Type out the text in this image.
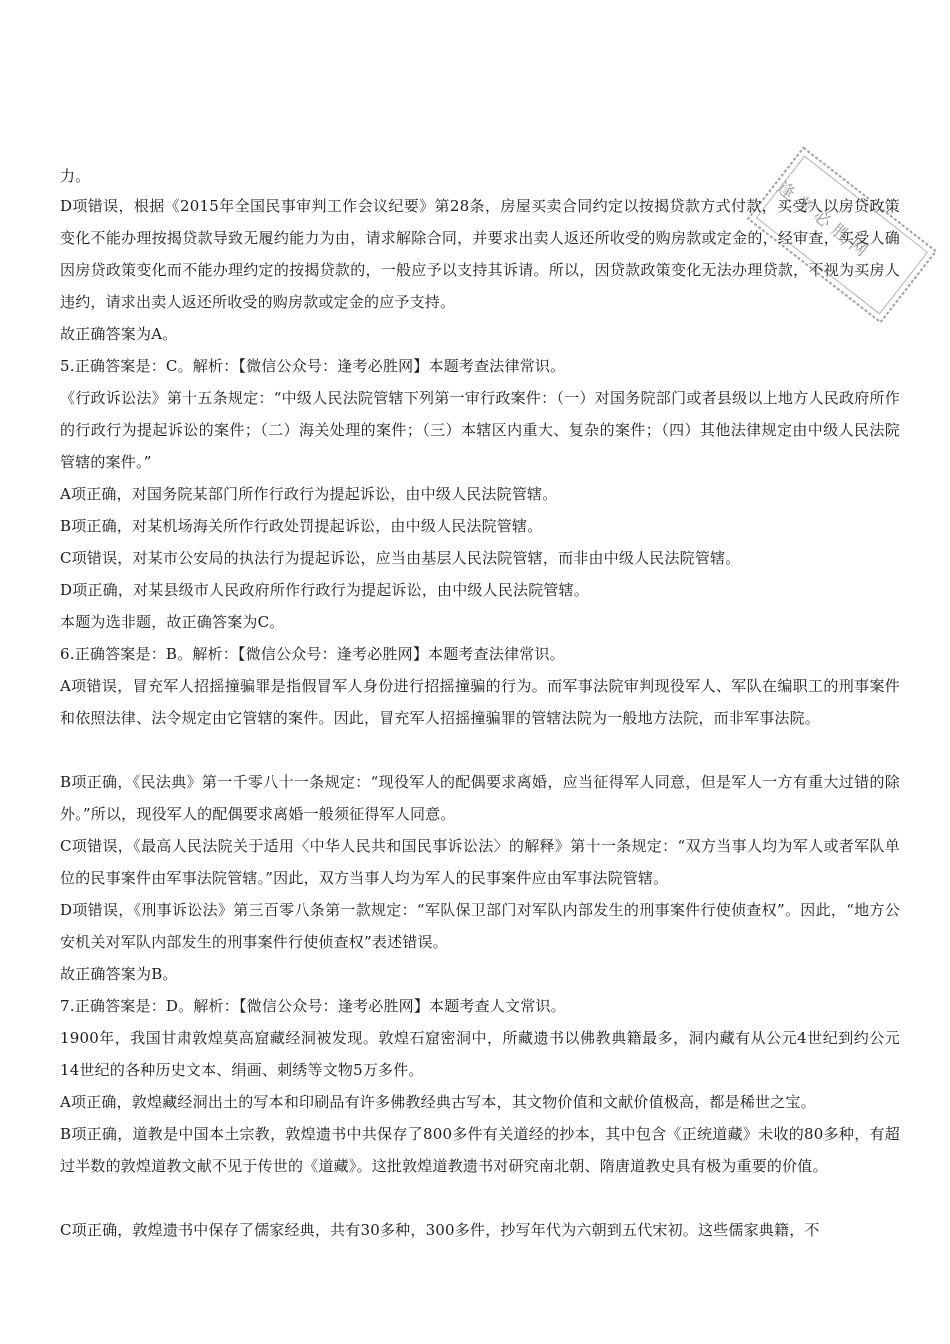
逢考必胜网

力。

D项错误，根据《2015年全国民事审判工作会议纪要》第28条，房屋买卖合同约定以按揭贷款方式付款，买受人以房贷政策变化不能办理按揭贷款导致无履约能力为由，请求解除合同，并要求出卖人返还所收受的购房款或定金的，经审查，买受人确因房贷政策变化而不能办理约定的按揭贷款的，一般应予以支持其诉请。所以，因贷款政策变化无法办理贷款，不视为买房人违约，请求出卖人返还所收受的购房款或定金的应予支持。

故正确答案为A。

5.正确答案是：C。解析：【微信公众号：逢考必胜网】本题考查法律常识。

《行政诉讼法》第十五条规定：“中级人民法院管辖下列第一审行政案件：（一）对国务院部门或者县级以上地方人民政府所作的行政行为提起诉讼的案件；（二）海关处理的案件；（三）本辖区内重大、复杂的案件；（四）其他法律规定由中级人民法院管辖的案件。”

A项正确，对国务院某部门所作行政行为提起诉讼，由中级人民法院管辖。

B项正确，对某机场海关所作行政处罚提起诉讼，由中级人民法院管辖。

C项错误，对某市公安局的执法行为提起诉讼，应当由基层人民法院管辖，而非由中级人民法院管辖。

D项正确，对某县级市人民政府所作行政行为提起诉讼，由中级人民法院管辖。

本题为选非题，故正确答案为C。

6.正确答案是：B。解析：【微信公众号：逢考必胜网】本题考查法律常识。

A项错误，冒充军人招摇撞骗罪是指假冒军人身份进行招摇撞骗的行为。而军事法院审判现役军人、军队在编职工的刑事案件和依照法律、法令规定由它管辖的案件。因此，冒充军人招摇撞骗罪的管辖法院为一般地方法院，而非军事法院。

B项正确，《民法典》第一千零八十一条规定：“现役军人的配偶要求离婚，应当征得军人同意，但是军人一方有重大过错的除外。”所以，现役军人的配偶要求离婚一般须征得军人同意。

C项错误，《最高人民法院关于适用〈中华人民共和国民事诉讼法〉的解释》第十一条规定：“双方当事人均为军人或者军队单位的民事案件由军事法院管辖。”因此，双方当事人均为军人的民事案件应由军事法院管辖。

D项错误，《刑事诉讼法》第三百零八条第一款规定：“军队保卫部门对军队内部发生的刑事案件行使侦查权”。因此，“地方公安机关对军队内部发生的刑事案件行使侦查权”表述错误。

故正确答案为B。

7.正确答案是：D。解析：【微信公众号：逢考必胜网】本题考查人文常识。

1900年，我国甘肃敦煌莫高窟藏经洞被发现。敦煌石窟密洞中，所藏遗书以佛教典籍最多，洞内藏有从公元4世纪到约公元14世纪的各种历史文本、绢画、刺绣等文物5万多件。

A项正确，敦煌藏经洞出土的写本和印刷品有许多佛教经典古写本，其文物价值和文献价值极高，都是稀世之宝。

B项正确，道教是中国本土宗教，敦煌遗书中共保存了800多件有关道经的抄本，其中包含《正统道藏》未收的80多种，有超过半数的敦煌道教文献不见于传世的《道藏》。这批敦煌道教遗书对研究南北朝、隋唐道教史具有极为重要的价值。

C项正确，敦煌遗书中保存了儒家经典，共有30多种，300多件，抄写年代为六朝到五代宋初。这些儒家典籍，不
